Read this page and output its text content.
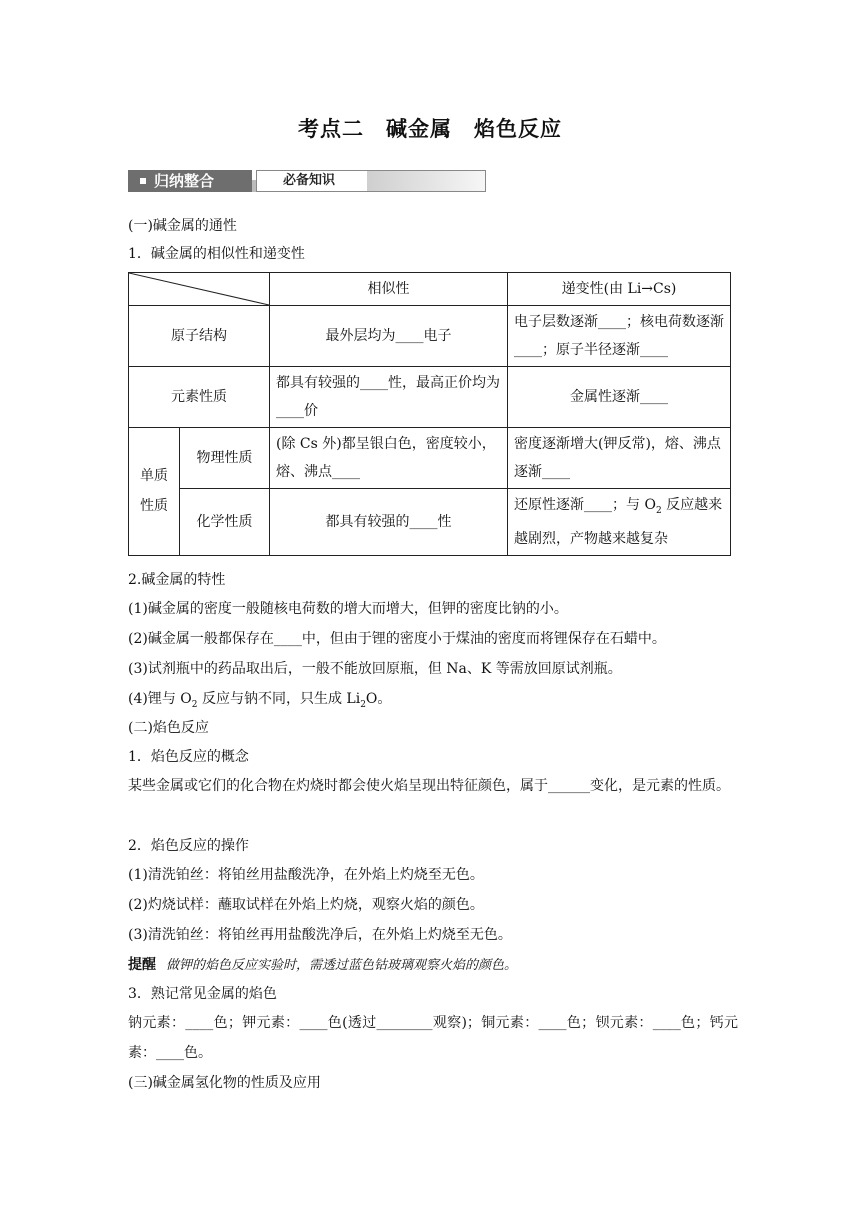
考点二　碱金属　焰色反应
归纳整合	必备知识
(一)碱金属的通性
1．碱金属的相似性和递变性
	相似性	递变性(由 Li→Cs)
原子结构		最外层均为____电子	电子层数逐渐____；核电荷数逐渐____；原子半径逐渐____
元素性质		都具有较强的____性，最高正价均为____价	金属性逐渐____
单质性质	物理性质	(除 Cs 外)都呈银白色，密度较小，熔、沸点____	密度逐渐增大(钾反常)，熔、沸点逐渐____
	化学性质	都具有较强的____性	还原性逐渐____；与 $O_2$ 反应越来越剧烈，产物越来越复杂
2.碱金属的特性
(1)碱金属的密度一般随核电荷数的增大而增大，但钾的密度比钠的小。
(2)碱金属一般都保存在____中，但由于锂的密度小于煤油的密度而将锂保存在石蜡中。
(3)试剂瓶中的药品取出后，一般不能放回原瓶，但 Na、K 等需放回原试剂瓶。
(4)锂与 $O_2$ 反应与钠不同，只生成 $Li_2O$。
(二)焰色反应
1．焰色反应的概念
某些金属或它们的化合物在灼烧时都会使火焰呈现出特征颜色，属于______变化，是元素的性质。
2．焰色反应的操作
(1)清洗铂丝：将铂丝用盐酸洗净，在外焰上灼烧至无色。
(2)灼烧试样：蘸取试样在外焰上灼烧，观察火焰的颜色。
(3)清洗铂丝：将铂丝再用盐酸洗净后，在外焰上灼烧至无色。
提醒 做钾的焰色反应实验时，需透过蓝色钴玻璃观察火焰的颜色。
3．熟记常见金属的焰色
钠元素：____色；钾元素：____色(透过________观察)；铜元素：____色；钡元素：____色；钙元素：____色。
(三)碱金属氢化物的性质及应用
